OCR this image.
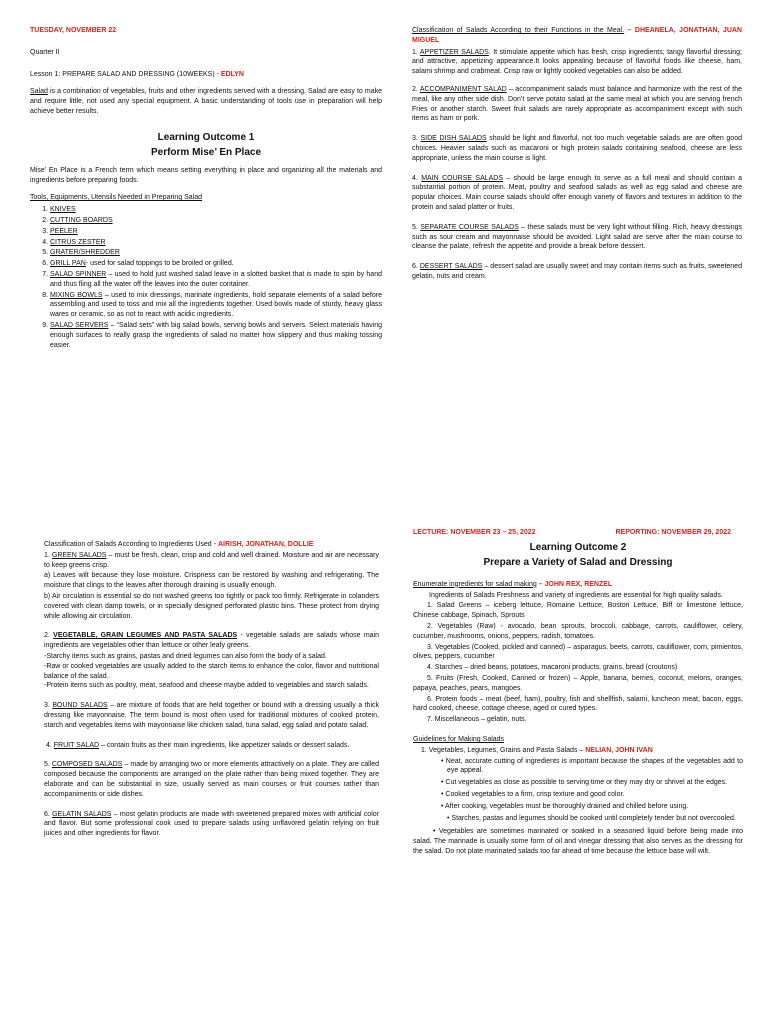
TUESDAY, NOVEMBER 22

Quarter II

Lesson 1: PREPARE SALAD AND DRESSING (10WEEKS) - EDLYN

Salad is a combination of vegetables, fruits and other ingredients served with a dressing. Salad are easy to make and require little, not used any special equipment. A basic understanding of tools use in preparation will help achieve better results.

Learning Outcome 1
Perform Mise’ En Place

Mise’ En Place is a French term which means setting everything in place and organizing all the materials and ingredients before preparing foods.

Tools, Equipments, Utensils Needed in Preparing Salad

1. KNIVES
2. CUTTING BOARDS
3. PEELER
4. CITRUS ZESTER
5. GRATER/SHREDDER
6. GRILL PAN- used for salad toppings to be broiled or grilled.
7. SALAD SPINNER – used to hold just washed salad leave in a slotted basket that is made to spin by hand and thus fling all the water off the leaves into the outer container.
8. MIXING BOWLS – used to mix dressings, marinate ingredients, hold separate elements of a salad before assembling and used to toss and mix all the ingredients together. Used bowls made of sturdy, heavy glass wares or ceramic, so as not to react with acidic ingredients.
9. SALAD SERVERS – “Salad sets” with big salad bowls, serving bowls and servers. Select materials having enough surfaces to really grasp the ingredients of salad no matter how slippery and thus making tossing easier.

Classification of Salads According to their Functions in the Meal. – DHEANELA, JONATHAN, JUAN MIGUEL

1. APPETIZER SALADS. It stimulate appetite which has fresh, crisp ingredients; tangy flavorful dressing; and attractive, appetizing appearance.It looks appealing because of flavorful foods like cheese, ham, salami shrimp and crabmeat. Crisp raw or lightly cooked vegetables can also be added.

2. ACCOMPANIMENT SALAD – accompaniment salads must balance and harmonize with the rest of the meal, like any other side dish. Don’t serve potato salad at the same meal at which you are serving french Fries or another starch. Sweet fruit salads are rarely appropriate as accompaniment except with such items as ham or pork.

3. SIDE DISH SALADS should be light and flavorful, not too much vegetable salads are are often good choices. Heavier salads such as macaroni or high protein salads containing seafood, cheese are less appropriate, unless the main course is light.

4. MAIN COURSE SALADS – should be large enough to serve as a full meal and should contain a substantial portion of protein. Meat, poultry and seafood salads as well as egg salad and cheese are popular choices. Main course salads should offer enough variety of flavors and textures in addition to the protein and salad platter or fruits.

5. SEPARATE COURSE SALADS – these salads must be very light without filling. Rich, heavy dressings such as sour cream and mayonnaise should be avoided. Light salad are serve after the main course to cleanse the palate, refresh the appetite and provide a break before dessert.

6. DESSERT SALADS – dessert salad are usually sweet and may contain items such as fruits, sweetened gelatin, nuts and cream.

Classification of Salads According to Ingredients Used - AIRISH, JONATHAN, DOLLIE

1. GREEN SALADS – must be fresh, clean, crisp and cold and well drained. Moisture and air are necessary to keep greens crisp.

a) Leaves wilt because they lose moisture. Crispness can be restored by washing and refrigerating. The moisture that clings to the leaves after thorough draining is usually enough.

b) Air circulation is essential so do not washed greens too tightly or pack too firmly. Refrigerate in colanders covered with clean damp towels, or in specially designed perforated plastic bins. These protect from drying while allowing air circulation.

2. VEGETABLE, GRAIN LEGUMES AND PASTA SALADS - vegetable salads are salads whose main ingredients are vegetables other than lettuce or other leafy greens.

-Starchy items such as grains, pastas and dried legumes can also form the body of a salad.

-Raw or cooked vegetables are usually added to the starch items to enhance the color, flavor and nutritional balance of the salad.

-Protein items such as poultry, meat, seafood and cheese maybe added to vegetables and starch salads.

3. BOUND SALADS – are mixture of foods that are held together or bound with a dressing usually a thick dressing like mayonnaise. The term bound is most often used for traditional mixtures of cooked protein, starch and vegetables items with mayonnaise like chicken salad, tuna salad, egg salad and potato salad.

4. FRUIT SALAD – contain fruits as their main ingredients, like appetizer salads or dessert salads.

5. COMPOSED SALADS – made by arranging two or more elements attractively on a plate. They are called composed because the components are arranged on the plate rather than being mixed together. They are elaborate and can be substantial in size, usually served as main courses or fruit courses rather than accompaniments or side dishes.

6. GELATIN SALADS – most gelatin products are made with sweetened prepared mixes with artificial color and flavor. But some professional cook used to prepare salads using unflavored gelatin relying on fruit juices and other ingredients for flavor.

LECTURE: NOVEMBER 23 – 25, 2022	REPORTING: NOVEMBER 29, 2022
Learning Outcome 2
Prepare a Variety of Salad and Dressing

Enumerate ingredients for salad making – JOHN REX, RENZEL

Ingredients of Salads Freshness and variety of ingredients are essential for high quality salads.

1. Salad Greens – iceberg lettuce, Romaine Lettuce, Boston Lettuce, Biff or limestone lettuce, Chinese cabbage, Spinach, Sprouts

2. Vegetables (Raw) - avocado, bean sprouts, broccoli, cabbage, carrots, cauliflower, celery, cucumber, mushrooms, onions, peppers, radish, tomatoes.

3. Vegetables (Cooked, pickled and canned) – asparagus, beets, carrots, cauliflower, corn, pimientos, olives, peppers, cucumber

4. Starches – dried beans, potatoes, macaroni products, grains, bread (croutons)

5. Fruits (Fresh, Cooked, Canned or frozen) – Apple, banana, berries, coconut, melons, oranges, papaya, peaches, pears, mangoes.

6. Protein foods – meat (beef, ham), poultry, fish and shellfish, salami, luncheon meat, bacon, eggs, hard cooked, cheese, cottage cheese, aged or cured types.

7. Miscellaneous – gelatin, nuts.

Guidelines for Making Salads

1. Vegetables, Legumes, Grains and Pasta Salads – NELIAN, JOHN IVAN

• Neat, accurate cutting of ingredients is important because the shapes of the vegetables add to eye appeal.

• Cut vegetables as close as possible to serving time or they may dry or shrivel at the edges.

• Cooked vegetables to a firm, crisp texture and good color.

• After cooking, vegetables must be thoroughly drained and chilled before using.

• Starches, pastas and legumes should be cooked until completely tender but not overcooled.

• Vegetables are sometimes marinated or soaked in a seasoned liquid before being made into salad. The marinade is usually some form of oil and vinegar dressing that also serves as the dressing for the salad. Do not plate marinated salads too far ahead of time because the lettuce base will wilt.
